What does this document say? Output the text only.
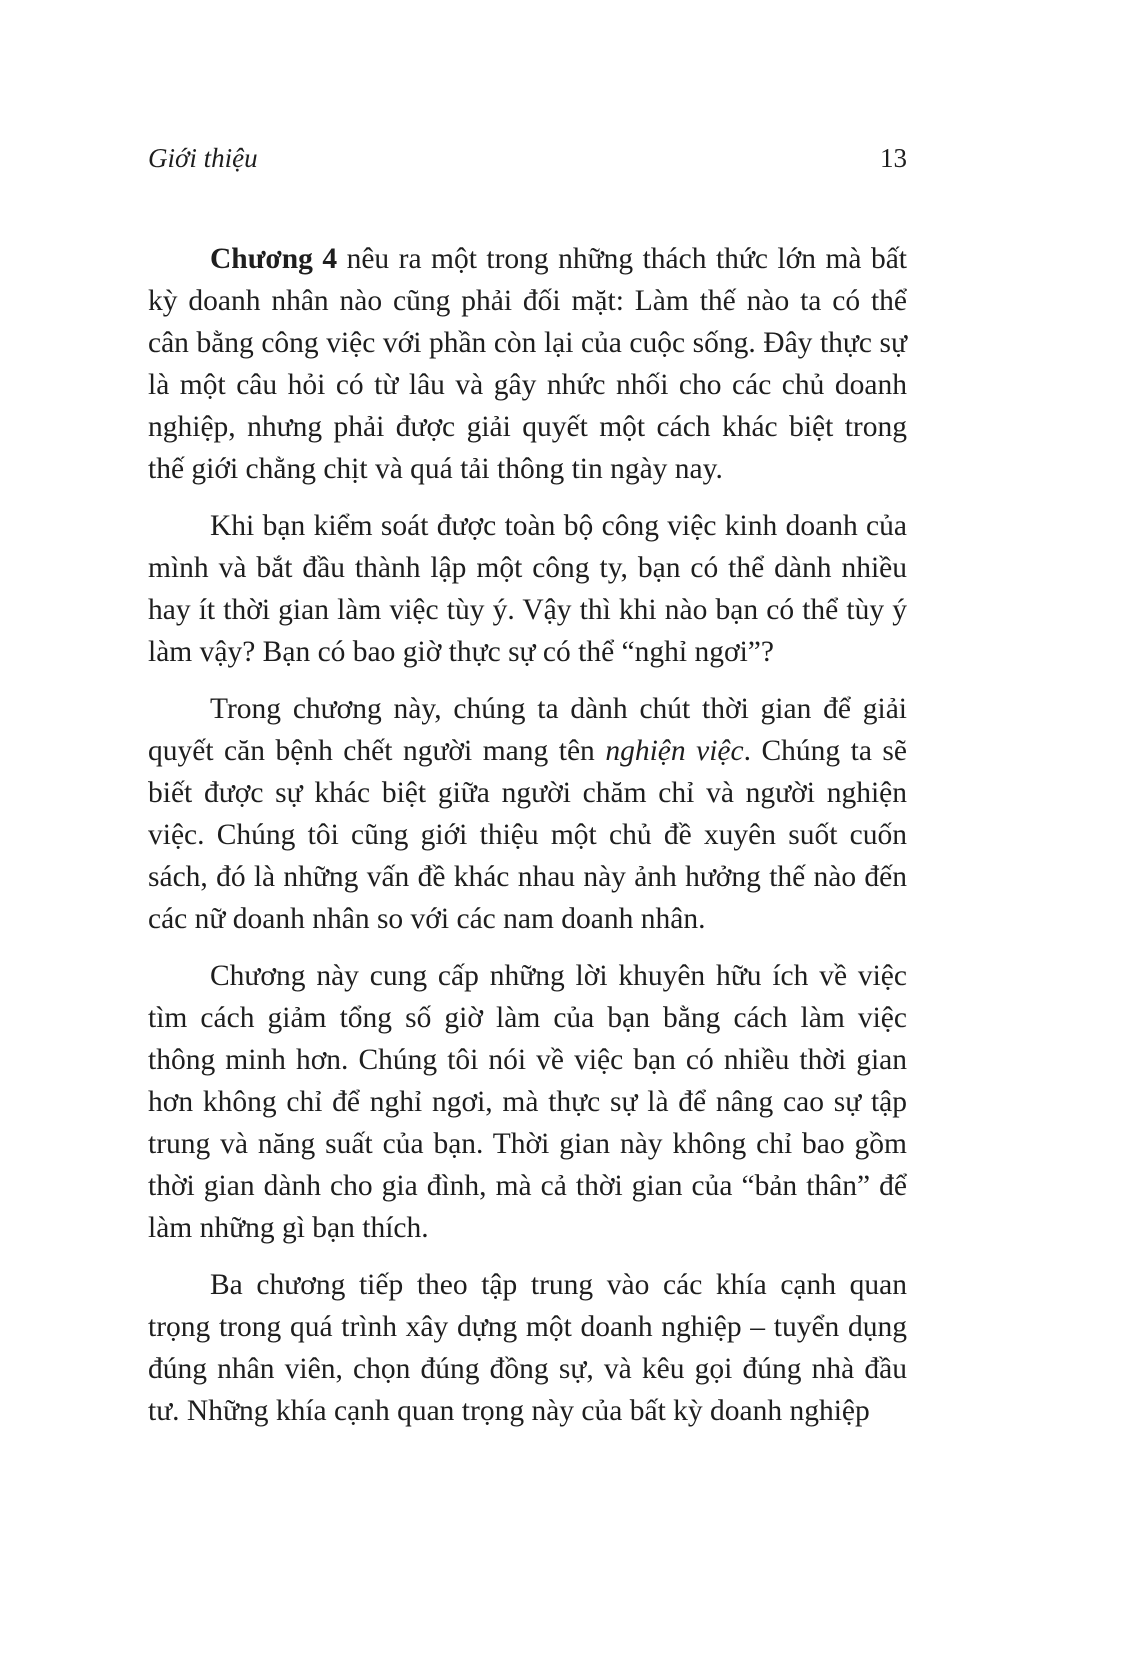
Giới thiệu	13

Chương 4 nêu ra một trong những thách thức lớn mà bất kỳ doanh nhân nào cũng phải đối mặt: Làm thế nào ta có thể cân bằng công việc với phần còn lại của cuộc sống. Đây thực sự là một câu hỏi có từ lâu và gây nhức nhối cho các chủ doanh nghiệp, nhưng phải được giải quyết một cách khác biệt trong thế giới chằng chịt và quá tải thông tin ngày nay.

Khi bạn kiểm soát được toàn bộ công việc kinh doanh của mình và bắt đầu thành lập một công ty, bạn có thể dành nhiều hay ít thời gian làm việc tùy ý. Vậy thì khi nào bạn có thể tùy ý làm vậy? Bạn có bao giờ thực sự có thể “nghỉ ngơi”?

Trong chương này, chúng ta dành chút thời gian để giải quyết căn bệnh chết người mang tên nghiện việc. Chúng ta sẽ biết được sự khác biệt giữa người chăm chỉ và người nghiện việc. Chúng tôi cũng giới thiệu một chủ đề xuyên suốt cuốn sách, đó là những vấn đề khác nhau này ảnh hưởng thế nào đến các nữ doanh nhân so với các nam doanh nhân.

Chương này cung cấp những lời khuyên hữu ích về việc tìm cách giảm tổng số giờ làm của bạn bằng cách làm việc thông minh hơn. Chúng tôi nói về việc bạn có nhiều thời gian hơn không chỉ để nghỉ ngơi, mà thực sự là để nâng cao sự tập trung và năng suất của bạn. Thời gian này không chỉ bao gồm thời gian dành cho gia đình, mà cả thời gian của “bản thân” để làm những gì bạn thích.

Ba chương tiếp theo tập trung vào các khía cạnh quan trọng trong quá trình xây dựng một doanh nghiệp – tuyển dụng đúng nhân viên, chọn đúng đồng sự, và kêu gọi đúng nhà đầu tư. Những khía cạnh quan trọng này của bất kỳ doanh nghiệp
